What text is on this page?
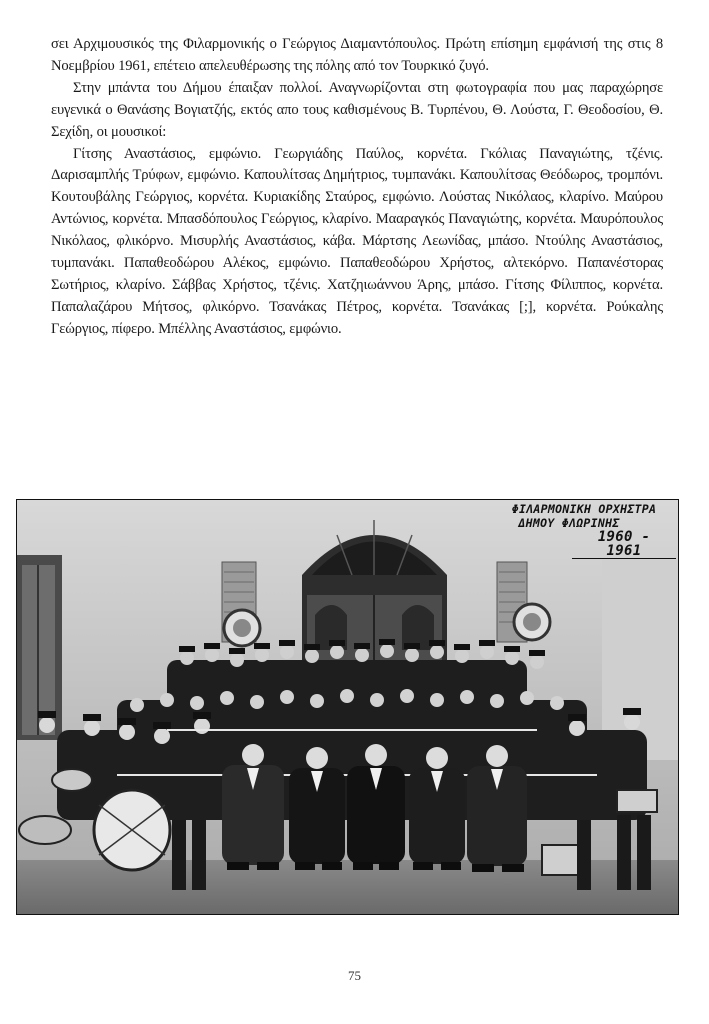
σει Αρχιμουσικός της Φιλαρμονικής ο Γεώργιος Διαμαντόπουλος. Πρώτη επίσημη εμφάνισή της στις 8 Νοεμβρίου 1961, επέτειο απελευθέρωσης της πόλης από τον Τουρκικό ζυγό.

Στην μπάντα του Δήμου έπαιξαν πολλοί. Αναγνωρίζονται στη φωτογραφία που μας παραχώρησε ευγενικά ο Θανάσης Βογιατζής, εκτός απο τους καθισμένους Β. Τυρπένου, Θ. Λούστα, Γ. Θεοδοσίου, Θ. Σεχίδη, οι μουσικοί:

Γίτσης Αναστάσιος, εμφώνιο. Γεωργιάδης Παύλος, κορνέτα. Γκόλιας Παναγιώτης, τζένις. Δαρισαμπλής Τρύφων, εμφώνιο. Καπουλίτσας Δημήτριος, τυμπανάκι. Καπουλίτσας Θεόδωρος, τρομπόνι. Κουτουβάλης Γεώργιος, κορνέτα. Κυριακίδης Σταύρος, εμφώνιο. Λούστας Νικόλαος, κλαρίνο. Μαύρου Αντώνιος, κορνέτα. Μπασδόπουλος Γεώργιος, κλαρίνο. Μααραγκός Παναγιώτης, κορνέτα. Μαυρόπουλος Νικόλαος, φλικόρνο. Μισυρλής Αναστάσιος, κάβα. Μάρτσης Λεωνίδας, μπάσο. Ντούλης Αναστάσιος, τυμπανάκι. Παπαθεοδώρου Αλέκος, εμφώνιο. Παπαθεοδώρου Χρήστος, αλτεκόρνο. Παπανέστορας Σωτήριος, κλαρίνο. Σάββας Χρήστος, τζένις. Χατζηιωάννου Άρης, μπάσο. Γίτσης Φίλιππος, κορνέτα. Παπαλαζάρου Μήτσος, φλικόρνο. Τσανάκας Πέτρος, κορνέτα. Τσανάκας [;], κορνέτα. Ρούκαλης Γεώργιος, πίφερο. Μπέλλης Αναστάσιος, εμφώνιο.

ΦΙΛΑΡΜΟΝΙΚΗ ΟΡΧΗΣΤΡΑ
ΔΗΜΟΥ ΦΛΩΡΙΝΗΣ
1960 - 1961
75
